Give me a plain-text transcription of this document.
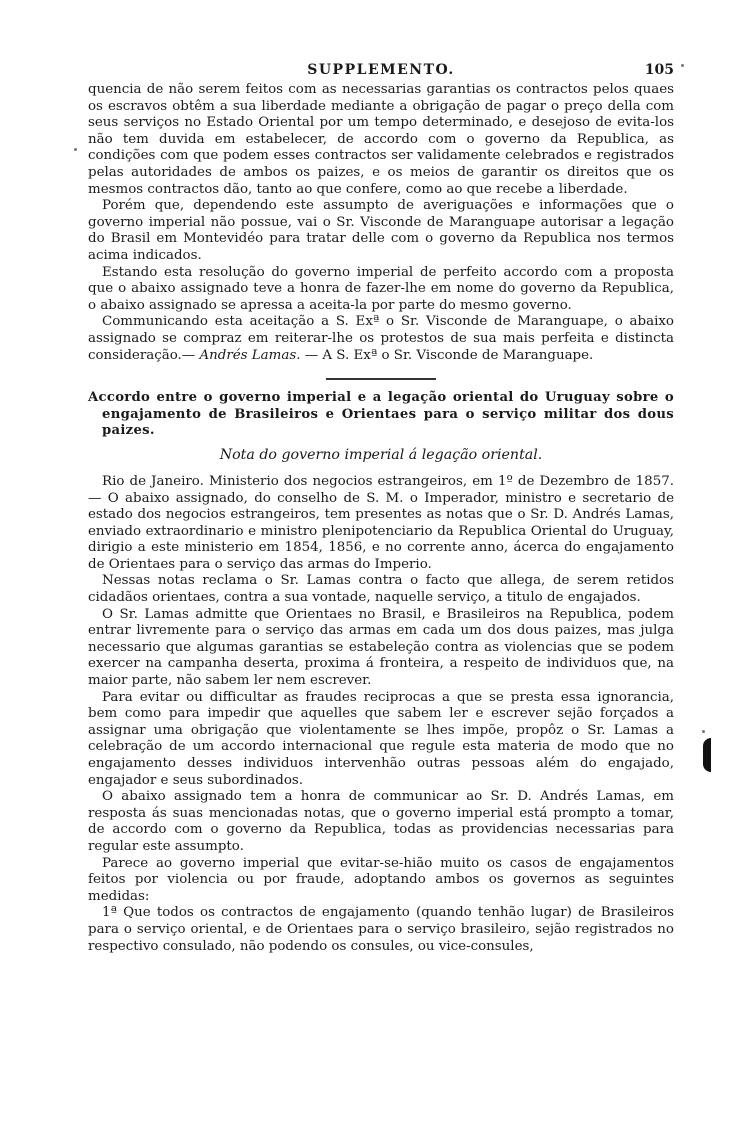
SUPPLEMENTO.	105

quencia de não serem feitos com as necessarias garantias os contractos pelos quaes os escravos obtêm a sua liberdade mediante a obrigação de pagar o preço della com seus serviços no Estado Oriental por um tempo determinado, e desejoso de evita-los não tem duvida em estabelecer, de accordo com o governo da Republica, as condições com que podem esses contractos ser validamente celebrados e registrados pelas autoridades de ambos os paizes, e os meios de garantir os direitos que os mesmos contractos dão, tanto ao que confere, como ao que recebe a liberdade.

Porém que, dependendo este assumpto de averiguações e informações que o governo imperial não possue, vai o Sr. Visconde de Maranguape autorisar a legação do Brasil em Montevidéo para tratar delle com o governo da Republica nos termos acima indicados.

Estando esta resolução do governo imperial de perfeito accordo com a proposta que o abaixo assignado teve a honra de fazer-lhe em nome do governo da Republica, o abaixo assignado se apressa a aceita-la por parte do mesmo governo.

Communicando esta aceitação a S. Exª o Sr. Visconde de Maranguape, o abaixo assignado se compraz em reiterar-lhe os protestos de sua mais perfeita e distincta consideração.— Andrés Lamas. — A S. Exª o Sr. Visconde de Maranguape.

Accordo entre o governo imperial e a legação oriental do Uruguay sobre o engajamento de Brasileiros e Orientaes para o serviço militar dos dous paizes.

Nota do governo imperial á legação oriental.

Rio de Janeiro. Ministerio dos negocios estrangeiros, em 1º de Dezembro de 1857. — O abaixo assignado, do conselho de S. M. o Imperador, ministro e secretario de estado dos negocios estrangeiros, tem presentes as notas que o Sr. D. Andrés Lamas, enviado extraordinario e ministro plenipotenciario da Republica Oriental do Uruguay, dirigio a este ministerio em 1854, 1856, e no corrente anno, ácerca do engajamento de Orientaes para o serviço das armas do Imperio.

Nessas notas reclama o Sr. Lamas contra o facto que allega, de serem retidos cidadãos orientaes, contra a sua vontade, naquelle serviço, a titulo de engajados.

O Sr. Lamas admitte que Orientaes no Brasil, e Brasileiros na Republica, podem entrar livremente para o serviço das armas em cada um dos dous paizes, mas julga necessario que algumas garantias se estabeleção contra as violencias que se podem exercer na campanha deserta, proxima á fronteira, a respeito de individuos que, na maior parte, não sabem ler nem escrever.

Para evitar ou difficultar as fraudes reciprocas a que se presta essa ignorancia, bem como para impedir que aquelles que sabem ler e escrever sejão forçados a assignar uma obrigação que violentamente se lhes impõe, propôz o Sr. Lamas a celebração de um accordo internacional que regule esta materia de modo que no engajamento desses individuos intervenhão outras pessoas além do engajado, engajador e seus subordinados.

O abaixo assignado tem a honra de communicar ao Sr. D. Andrés Lamas, em resposta ás suas mencionadas notas, que o governo imperial está prompto a tomar, de accordo com o governo da Republica, todas as providencias necessarias para regular este assumpto.

Parece ao governo imperial que evitar-se-hião muito os casos de engajamentos feitos por violencia ou por fraude, adoptando ambos os governos as seguintes medidas:

1ª Que todos os contractos de engajamento (quando tenhão lugar) de Brasileiros para o serviço oriental, e de Orientaes para o serviço brasileiro, sejão registrados no respectivo consulado, não podendo os consules, ou vice-consules,
